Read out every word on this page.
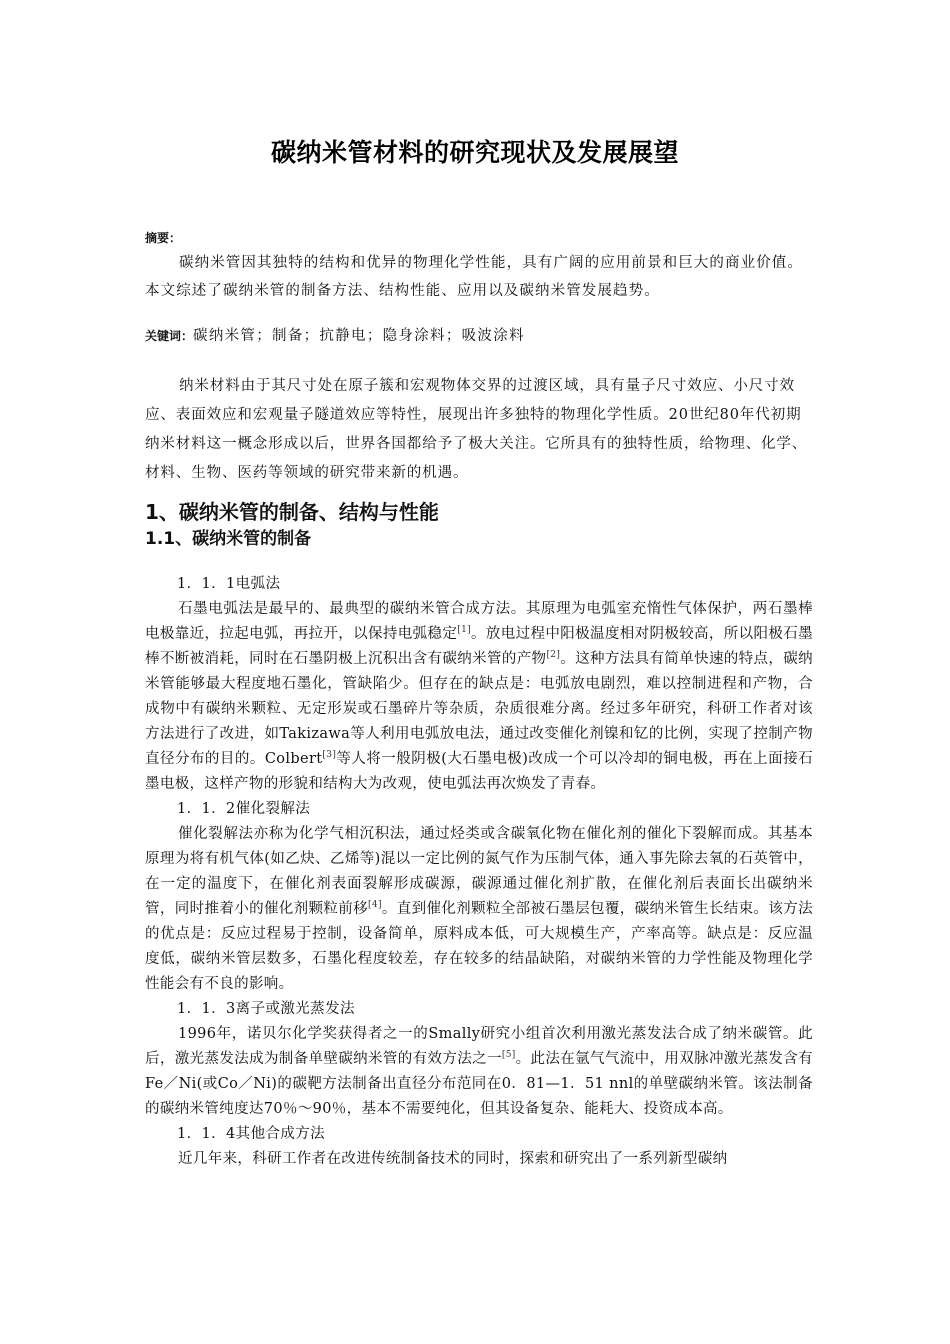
碳纳米管材料的研究现状及发展展望
摘要：
碳纳米管因其独特的结构和优异的物理化学性能，具有广阔的应用前景和巨大的商业价值。本文综述了碳纳米管的制备方法、结构性能、应用以及碳纳米管发展趋势。
关键词：碳纳米管；制备；抗静电；隐身涂料；吸波涂料
纳米材料由于其尺寸处在原子簇和宏观物体交界的过渡区域，具有量子尺寸效应、小尺寸效应、表面效应和宏观量子隧道效应等特性，展现出许多独特的物理化学性质。20世纪80年代初期纳米材料这一概念形成以后，世界各国都给予了极大关注。它所具有的独特性质，给物理、化学、材料、生物、医药等领域的研究带来新的机遇。
1、碳纳米管的制备、结构与性能
1.1、碳纳米管的制备
1．1．1电弧法

石墨电弧法是最早的、最典型的碳纳米管合成方法。其原理为电弧室充惰性气体保护，两石墨棒电极靠近，拉起电弧，再拉开，以保持电弧稳定[1]。放电过程中阳极温度相对阴极较高，所以阳极石墨棒不断被消耗，同时在石墨阴极上沉积出含有碳纳米管的产物[2]。这种方法具有简单快速的特点，碳纳米管能够最大程度地石墨化，管缺陷少。但存在的缺点是：电弧放电剧烈，难以控制进程和产物，合成物中有碳纳米颗粒、无定形炭或石墨碎片等杂质，杂质很难分离。经过多年研究，科研工作者对该方法进行了改进，如Takizawa等人利用电弧放电法，通过改变催化剂镍和钇的比例，实现了控制产物直径分布的目的。Colbert[3]等人将一般阴极(大石墨电极)改成一个可以冷却的铜电极，再在上面接石墨电极，这样产物的形貌和结构大为改观，使电弧法再次焕发了青春。

1．1．2催化裂解法

催化裂解法亦称为化学气相沉积法，通过烃类或含碳氧化物在催化剂的催化下裂解而成。其基本原理为将有机气体(如乙炔、乙烯等)混以一定比例的氮气作为压制气体，通入事先除去氧的石英管中，在一定的温度下，在催化剂表面裂解形成碳源，碳源通过催化剂扩散，在催化剂后表面长出碳纳米管，同时推着小的催化剂颗粒前移[4]。直到催化剂颗粒全部被石墨层包覆，碳纳米管生长结束。该方法的优点是：反应过程易于控制，设备简单，原料成本低，可大规模生产，产率高等。缺点是：反应温度低，碳纳米管层数多，石墨化程度较差，存在较多的结晶缺陷，对碳纳米管的力学性能及物理化学性能会有不良的影响。

1．1．3离子或激光蒸发法

1996年，诺贝尔化学奖获得者之一的Smally研究小组首次利用激光蒸发法合成了纳米碳管。此后，激光蒸发法成为制备单壁碳纳米管的有效方法之一[5]。此法在氩气气流中，用双脉冲激光蒸发含有Fe／Ni(或Co／Ni)的碳靶方法制备出直径分布范同在0．81—1．51 nnl的单壁碳纳米管。该法制备的碳纳米管纯度达70％～90％，基本不需要纯化，但其设备复杂、能耗大、投资成本高。

1．1．4其他合成方法

近几年来，科研工作者在改进传统制备技术的同时，探索和研究出了一系列新型碳纳
